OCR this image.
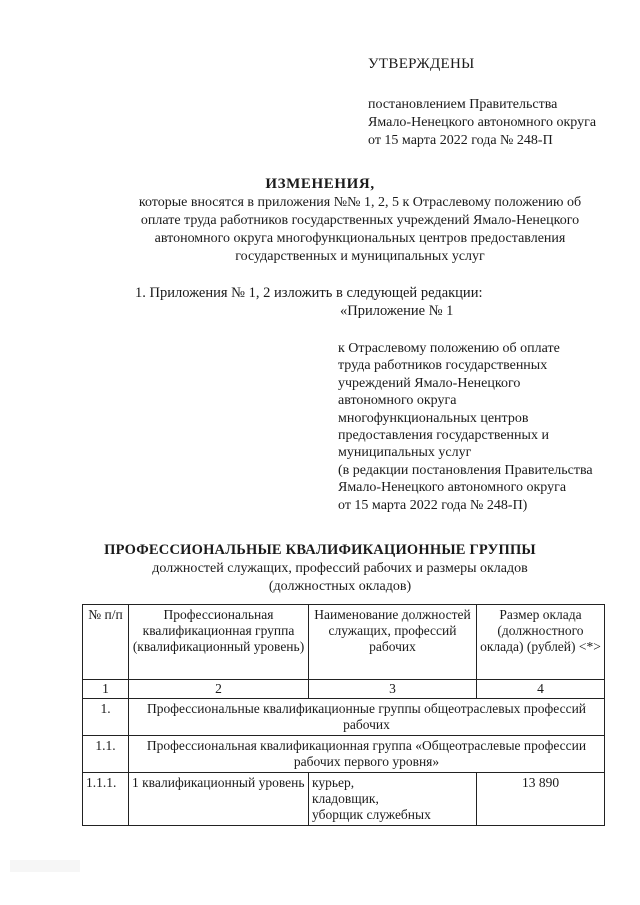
УТВЕРЖДЕНЫ
постановлением Правительства
Ямало-Ненецкого автономного округа
от 15 марта 2022 года № 248-П
ИЗМЕНЕНИЯ,
которые вносятся в приложения №№ 1, 2, 5 к Отраслевому положению об
оплате труда работников государственных учреждений Ямало-Ненецкого
автономного округа многофункциональных центров предоставления
государственных и муниципальных услуг
1. Приложения № 1, 2 изложить в следующей редакции:
«Приложение № 1
к Отраслевому положению об оплате
труда работников государственных
учреждений Ямало-Ненецкого
автономного округа
многофункциональных центров
предоставления государственных и
муниципальных услуг
(в редакции постановления Правительства
Ямало-Ненецкого автономного округа
от 15 марта 2022 года № 248-П)
ПРОФЕССИОНАЛЬНЫЕ КВАЛИФИКАЦИОННЫЕ ГРУППЫ
должностей служащих, профессий рабочих и размеры окладов
(должностных окладов)
№ п/п	Профессиональная квалификационная группа (квалификационный уровень)	Наименование должностей служащих, профессий рабочих	Размер оклада (должностного оклада) (рублей) <*>
1	2	3	4
1.	Профессиональные квалификационные группы общеотраслевых профессий рабочих		
1.1.	Профессиональная квалификационная группа «Общеотраслевые профессии рабочих первого уровня»		
1.1.1.	1 квалификационный уровень	курьер,
кладовщик,
уборщик служебных	13 890
